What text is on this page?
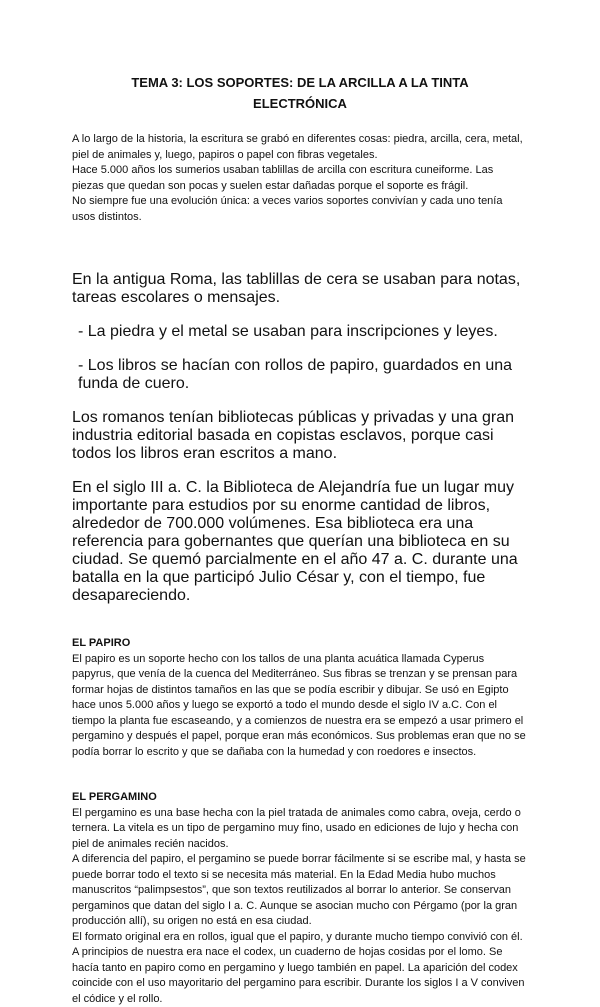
TEMA 3: LOS SOPORTES: DE LA ARCILLA A LA TINTA ELECTRÓNICA

A lo largo de la historia, la escritura se grabó en diferentes cosas: piedra, arcilla, cera, metal, piel de animales y, luego, papiros o papel con fibras vegetales.

Hace 5.000 años los sumerios usaban tablillas de arcilla con escritura cuneiforme. Las piezas que quedan son pocas y suelen estar dañadas porque el soporte es frágil.

No siempre fue una evolución única: a veces varios soportes convivían y cada uno tenía usos distintos.

En la antigua Roma, las tablillas de cera se usaban para notas, tareas escolares o mensajes.

- La piedra y el metal se usaban para inscripciones y leyes.

- Los libros se hacían con rollos de papiro, guardados en una funda de cuero.

Los romanos tenían bibliotecas públicas y privadas y una gran industria editorial basada en copistas esclavos, porque casi todos los libros eran escritos a mano.

En el siglo III a. C. la Biblioteca de Alejandría fue un lugar muy importante para estudios por su enorme cantidad de libros, alrededor de 700.000 volúmenes. Esa biblioteca era una referencia para gobernantes que querían una biblioteca en su ciudad. Se quemó parcialmente en el año 47 a. C. durante una batalla en la que participó Julio César y, con el tiempo, fue desapareciendo.

EL PAPIRO

El papiro es un soporte hecho con los tallos de una planta acuática llamada Cyperus papyrus, que venía de la cuenca del Mediterráneo. Sus fibras se trenzan y se prensan para formar hojas de distintos tamaños en las que se podía escribir y dibujar. Se usó en Egipto hace unos 5.000 años y luego se exportó a todo el mundo desde el siglo IV a.C. Con el tiempo la planta fue escaseando, y a comienzos de nuestra era se empezó a usar primero el pergamino y después el papel, porque eran más económicos. Sus problemas eran que no se podía borrar lo escrito y que se dañaba con la humedad y con roedores e insectos.

EL PERGAMINO

El pergamino es una base hecha con la piel tratada de animales como cabra, oveja, cerdo o ternera. La vitela es un tipo de pergamino muy fino, usado en ediciones de lujo y hecha con piel de animales recién nacidos.

A diferencia del papiro, el pergamino se puede borrar fácilmente si se escribe mal, y hasta se puede borrar todo el texto si se necesita más material. En la Edad Media hubo muchos manuscritos “palimpsestos”, que son textos reutilizados al borrar lo anterior. Se conservan pergaminos que datan del siglo I a. C. Aunque se asocian mucho con Pérgamo (por la gran producción allí), su origen no está en esa ciudad.

El formato original era en rollos, igual que el papiro, y durante mucho tiempo convivió con él. A principios de nuestra era nace el codex, un cuaderno de hojas cosidas por el lomo. Se hacía tanto en papiro como en pergamino y luego también en papel. La aparición del codex coincide con el uso mayoritario del pergamino para escribir. Durante los siglos I a V conviven el códice y el rollo.
